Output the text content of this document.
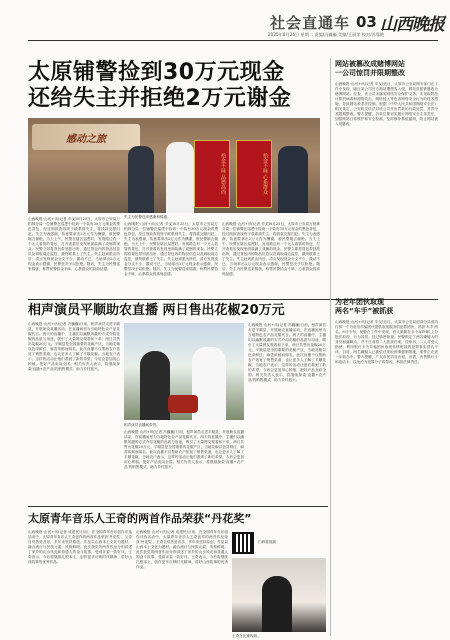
社会直通车 03 山西晚报
2025年8月26日 星期二 责编/冯巍巍 美编/王丽荣 校对/苏靠艳
太原铺警捡到30万元现金
还给失主并拒绝2万元谢金
感动之旅
拾金不昧 品德高尚	拾金不昧 心系群众
山西晚报·山河+讯(记者 辛戈)8月25日，太原市公安局万柏林分局一位铺警在巡逻中捡到一个装有30万元现金的黑色背包，经过细致查找终于联系到失主，将钱款完璧归赵。失主为表感谢，执意要拿出2万元作为酬谢，被民警婉言谢绝。当天上午，民警在辖区巡逻时，发现路边有一个无人看管的背包，打开查看后发现里面装满了成捆的现金。民警立即将背包带回派出所，通过背包内的物品信息以及调取周边监控，最终联系上了失主。失主赶到派出所后，清点发现现金分文不少，激动不已，当场拿出2万元现金表示感谢，民警坚决予以拒绝。随后，失主为民警送来锦旗，称赞民警拾金不昧、心系群众的高尚品德。
失主为民警送来感谢和锦旗。
山西晚报·山河+讯(记者 辛戈)8月25日，太原市公安局万柏林分局一位铺警在巡逻中捡到一个装有30万元现金的黑色背包，经过细致查找终于联系到失主，将钱款完璧归赵。失主为表感谢，执意要拿出2万元作为酬谢，被民警婉言谢绝。当天上午，民警在辖区巡逻时，发现路边有一个无人看管的背包，打开查看后发现里面装满了成捆的现金。民警立即将背包带回派出所，通过背包内的物品信息以及调取周边监控，最终联系上了失主。失主赶到派出所后，清点发现现金分文不少，激动不已，当场拿出2万元现金表示感谢，民警坚决予以拒绝。随后，失主为民警送来锦旗，称赞民警拾金不昧、心系群众的高尚品德。
山西晚报·山河+讯(记者 辛戈)8月25日，太原市公安局万柏林分局一位铺警在巡逻中捡到一个装有30万元现金的黑色背包，经过细致查找终于联系到失主，将钱款完璧归赵。失主为表感谢，执意要拿出2万元作为酬谢，被民警婉言谢绝。当天上午，民警在辖区巡逻时，发现路边有一个无人看管的背包，打开查看后发现里面装满了成捆的现金。民警立即将背包带回派出所，通过背包内的物品信息以及调取周边监控，最终联系上了失主。失主赶到派出所后，清点发现现金分文不少，激动不已，当场拿出2万元现金表示感谢，民警坚决予以拒绝。随后，失主为民警送来锦旗，称赞民警拾金不昧、心系群众的高尚品德。
网站被篡改成赌博网站
一公司惊罚并限期整改
山西晚报·山河+讯(记者 辛戈)近日，太原市公安局网安部门在工作中发现，辖区某公司官方网站遭黑客入侵，网站页面被篡改为赌博网站。经查，该公司未落实网络安全保护义务，未采取防范计算机病毒和网络攻击、网络侵入等危害网络安全行为的技术措施，导致网站被非法控制。根据《中华人民共和国网络安全法》相关规定，公安机关依法对该公司作出罚款的行政处罚，并责令其限期整改。警方提醒，各单位要切实履行网络安全主体责任，加强网站日常维护和安全检测，及时修补系统漏洞，防止网站被入侵篡改。
相声演员平顺助农直播 两日售出花椒20万元
山西晚报·山河+讯(记者 冯巍巍)日前，相声演员走进平顺县，开展助农直播活动，在直播间里为当地特色农产品花椒代言。两天的直播中，主播们以幽默风趣的方式介绍花椒的品质与用途，吸引了大量网友观看和下单，两日共售出花椒20万元。平顺县是全国重要的花椒产区，当地花椒以色泽鲜红、麻香浓郁而闻名。此次直播不仅帮助农户拓宽了销售渠道，也让更多人了解了平顺花椒。当地农户表示，这样的活动让他们看到了新的希望，今后会更加用心种植，把好产品卖向全国。相关负责人表示，将继续探索'直播+农产品'的销售模式，助力乡村振兴。
相声演员直播间带货。
山西晚报·山河+讯(记者 冯巍巍)日前，相声演员走进平顺县，开展助农直播活动，在直播间里为当地特色农产品花椒代言。两天的直播中，主播们以幽默风趣的方式介绍花椒的品质与用途，吸引了大量网友观看和下单，两日共售出花椒20万元。平顺县是全国重要的花椒产区，当地花椒以色泽鲜红、麻香浓郁而闻名。此次直播不仅帮助农户拓宽了销售渠道，也让更多人了解了平顺花椒。当地农户表示，这样的活动让他们看到了新的希望，今后会更加用心种植，把好产品卖向全国。相关负责人表示，将继续探索'直播+农产品'的销售模式，助力乡村振兴。
山西晚报·山河+讯(记者 冯巍巍)日前，相声演员走进平顺县，开展助农直播活动，在直播间里为当地特色农产品花椒代言。两天的直播中，主播们以幽默风趣的方式介绍花椒的品质与用途，吸引了大量网友观看和下单，两日共售出花椒20万元。平顺县是全国重要的花椒产区，当地花椒以色泽鲜红、麻香浓郁而闻名。此次直播不仅帮助农户拓宽了销售渠道，也让更多人了解了平顺花椒。当地农户表示，这样的活动让他们看到了新的希望，今后会更加用心种植，把好产品卖向全国。相关负责人表示，将继续探索'直播+农产品'的销售模式，助力乡村振兴。
太原青年音乐人王奇的两首作品荣获“丹花奖”
山西晚报·山河+讯(记者 成建民)日前，在全国青年音乐创作评选活动中，太原青年音乐人王奇创作的两首作品荣获'丹花奖'。王奇自幼热爱音乐，多年来坚持原创，作品以山西本土文化为题材，融合流行与民族元素，风格鲜明。此次获奖的两首作品分别讲述了家乡的山水风光和普通人的奋斗故事，受到评委一致好评。王奇表示，今后将继续扎根本土，创作更多反映时代精神、讲好山西故事的优秀作品。
山西晚报·山河+讯(记者 成建民)日前，在全国青年音乐创作评选活动中，太原青年音乐人王奇创作的两首作品荣获'丹花奖'。王奇自幼热爱音乐，多年来坚持原创，作品以山西本土文化为题材，融合流行与民族元素，风格鲜明。此次获奖的两首作品分别讲述了家乡的山水风光和普通人的奋斗故事，受到评委一致好评。王奇表示，今后将继续扎根本土，创作更多反映时代精神、讲好山西故事的优秀作品。
扫码看视频
王奇在比赛现场。
为老年团伙取现
两名“车手”被抓获
山西晚报·山河+讯(记者 辛戈)近日，太原市公安局迎泽分局成功打掉一个为电信诈骗团伙提供取现服务的犯罪团伙，抓获'车手'两名。8月中旬，民警在工作中发现，有人频繁在多个ATM机上分批次取现，行为异常。经过缜密侦查，民警锁定了两名嫌疑人的身份和落脚点，并于日前将二人抓获归案。经审讯，二人对受人指使、利用银行卡为诈骗团伙取现转移赃款的犯罪事实供认不讳。目前，两名嫌疑人已被依法采取刑事强制措施，案件正在进一步侦办中。警方提醒，广大市民切勿出租、出借、出售银行卡和电话卡，以免沦为犯罪分子的帮凶，承担法律责任。
